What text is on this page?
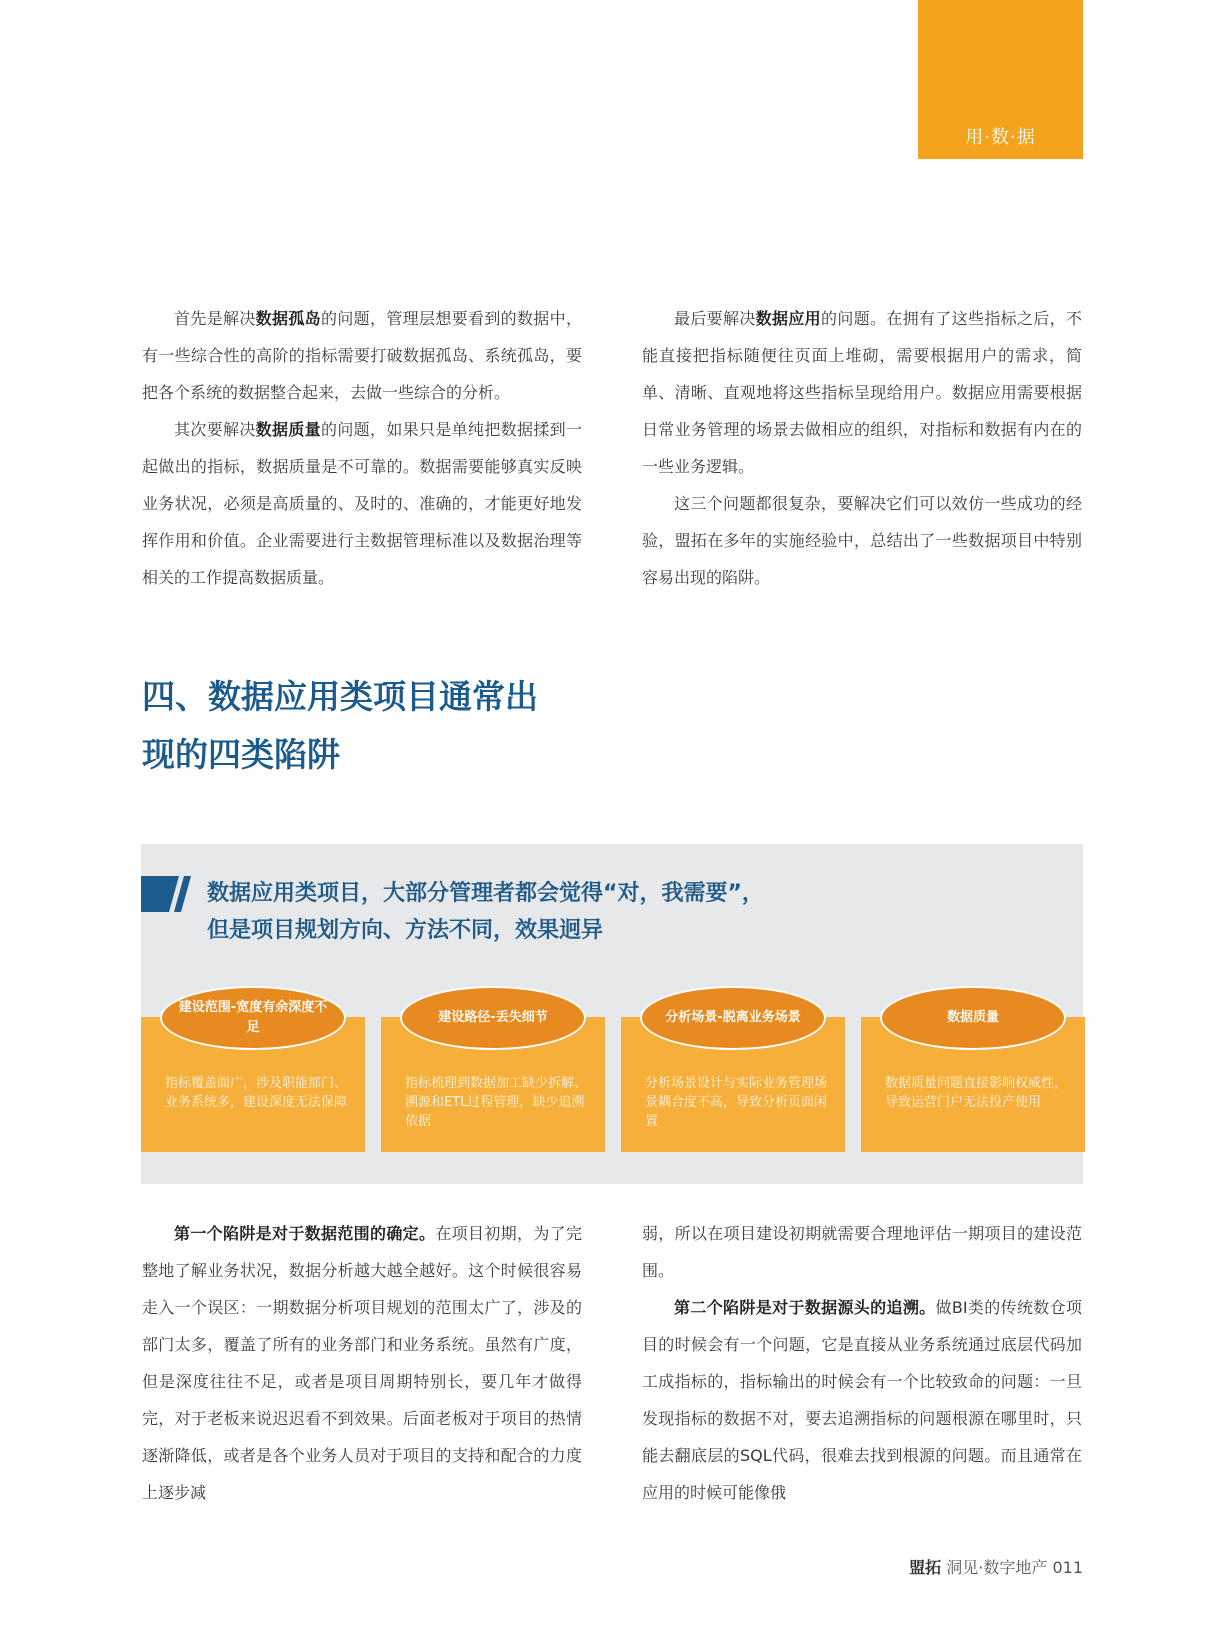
用·数·据

首先是解决数据孤岛的问题，管理层想要看到的数据中，有一些综合性的高阶的指标需要打破数据孤岛、系统孤岛，要把各个系统的数据整合起来，去做一些综合的分析。

其次要解决数据质量的问题，如果只是单纯把数据揉到一起做出的指标，数据质量是不可靠的。数据需要能够真实反映业务状况，必须是高质量的、及时的、准确的，才能更好地发挥作用和价值。企业需要进行主数据管理标准以及数据治理等相关的工作提高数据质量。

最后要解决数据应用的问题。在拥有了这些指标之后，不能直接把指标随便往页面上堆砌，需要根据用户的需求，简单、清晰、直观地将这些指标呈现给用户。数据应用需要根据日常业务管理的场景去做相应的组织，对指标和数据有内在的一些业务逻辑。

这三个问题都很复杂，要解决它们可以效仿一些成功的经验，盟拓在多年的实施经验中，总结出了一些数据项目中特别容易出现的陷阱。

四、数据应用类项目通常出
现的四类陷阱
数据应用类项目，大部分管理者都会觉得“对，我需要”，
但是项目规划方向、方法不同，效果迥异
指标覆盖面广，涉及职能部门、业务系统多，建设深度无法保障
建设范围-宽度有余深度不足
指标梳理到数据加工缺少拆解、溯源和ETL过程管理，缺少追溯依据
建设路径-丢失细节
分析场景设计与实际业务管理场景耦合度不高，导致分析页面闲置
分析场景-脱离业务场景
数据质量问题直接影响权威性，导致运营门户无法投产使用
数据质量

第一个陷阱是对于数据范围的确定。在项目初期，为了完整地了解业务状况，数据分析越大越全越好。这个时候很容易走入一个误区：一期数据分析项目规划的范围太广了，涉及的部门太多，覆盖了所有的业务部门和业务系统。虽然有广度，但是深度往往不足，或者是项目周期特别长，要几年才做得完，对于老板来说迟迟看不到效果。后面老板对于项目的热情逐渐降低，或者是各个业务人员对于项目的支持和配合的力度上逐步减

弱，所以在项目建设初期就需要合理地评估一期项目的建设范围。

第二个陷阱是对于数据源头的追溯。做BI类的传统数仓项目的时候会有一个问题，它是直接从业务系统通过底层代码加工成指标的，指标输出的时候会有一个比较致命的问题：一旦发现指标的数据不对，要去追溯指标的问题根源在哪里时，只能去翻底层的SQL代码，很难去找到根源的问题。而且通常在应用的时候可能像俄

盟拓 洞见·数字地产 011
